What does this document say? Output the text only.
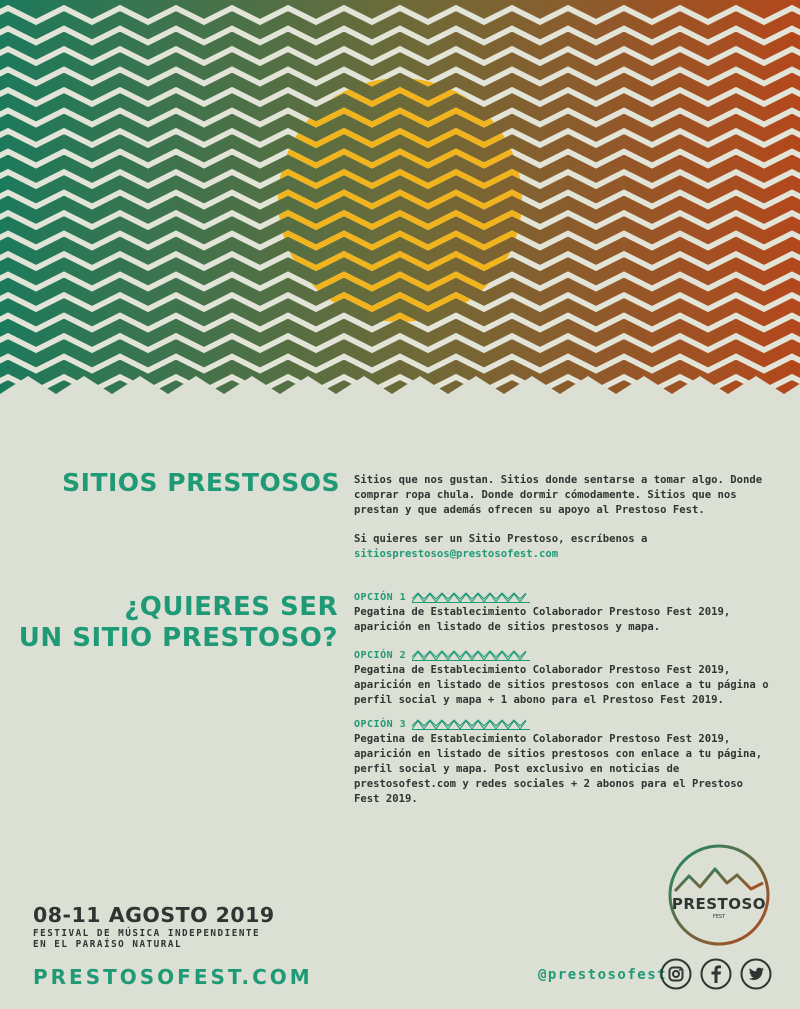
SITIOS PRESTOSOS Sitios que nos gustan. Sitios donde sentarse a tomar algo. Donde

comprar ropa chula. Donde dormir cómodamente. Sitios que nos

prestan y que además ofrecen su apoyo al Prestoso Fest.

Si quieres ser un Sitio Prestoso, escríbenos a

sitiosprestosos@prestosofest.com

¿QUIERES SER
UN SITIO PRESTOSO?
OPCIÓN 1

Pegatina de Establecimiento Colaborador Prestoso Fest 2019,

aparición en listado de sitios prestosos y mapa.

OPCIÓN 2

Pegatina de Establecimiento Colaborador Prestoso Fest 2019,

aparición en listado de sitios prestosos con enlace a tu página o

perfil social y mapa + 1 abono para el Prestoso Fest 2019.

OPCIÓN 3

Pegatina de Establecimiento Colaborador Prestoso Fest 2019,

aparición en listado de sitios prestosos con enlace a tu página,

perfil social y mapa. Post exclusivo en noticias de

prestosofest.com y redes sociales + 2 abonos para el Prestoso

Fest 2019.

PRESTOSO
FEST
08-11 AGOSTO 2019
FESTIVAL DE MÚSICA INDEPENDIENTE
EN EL PARAÍSO NATURAL
PRESTOSOFEST.COM	@prestosofest
